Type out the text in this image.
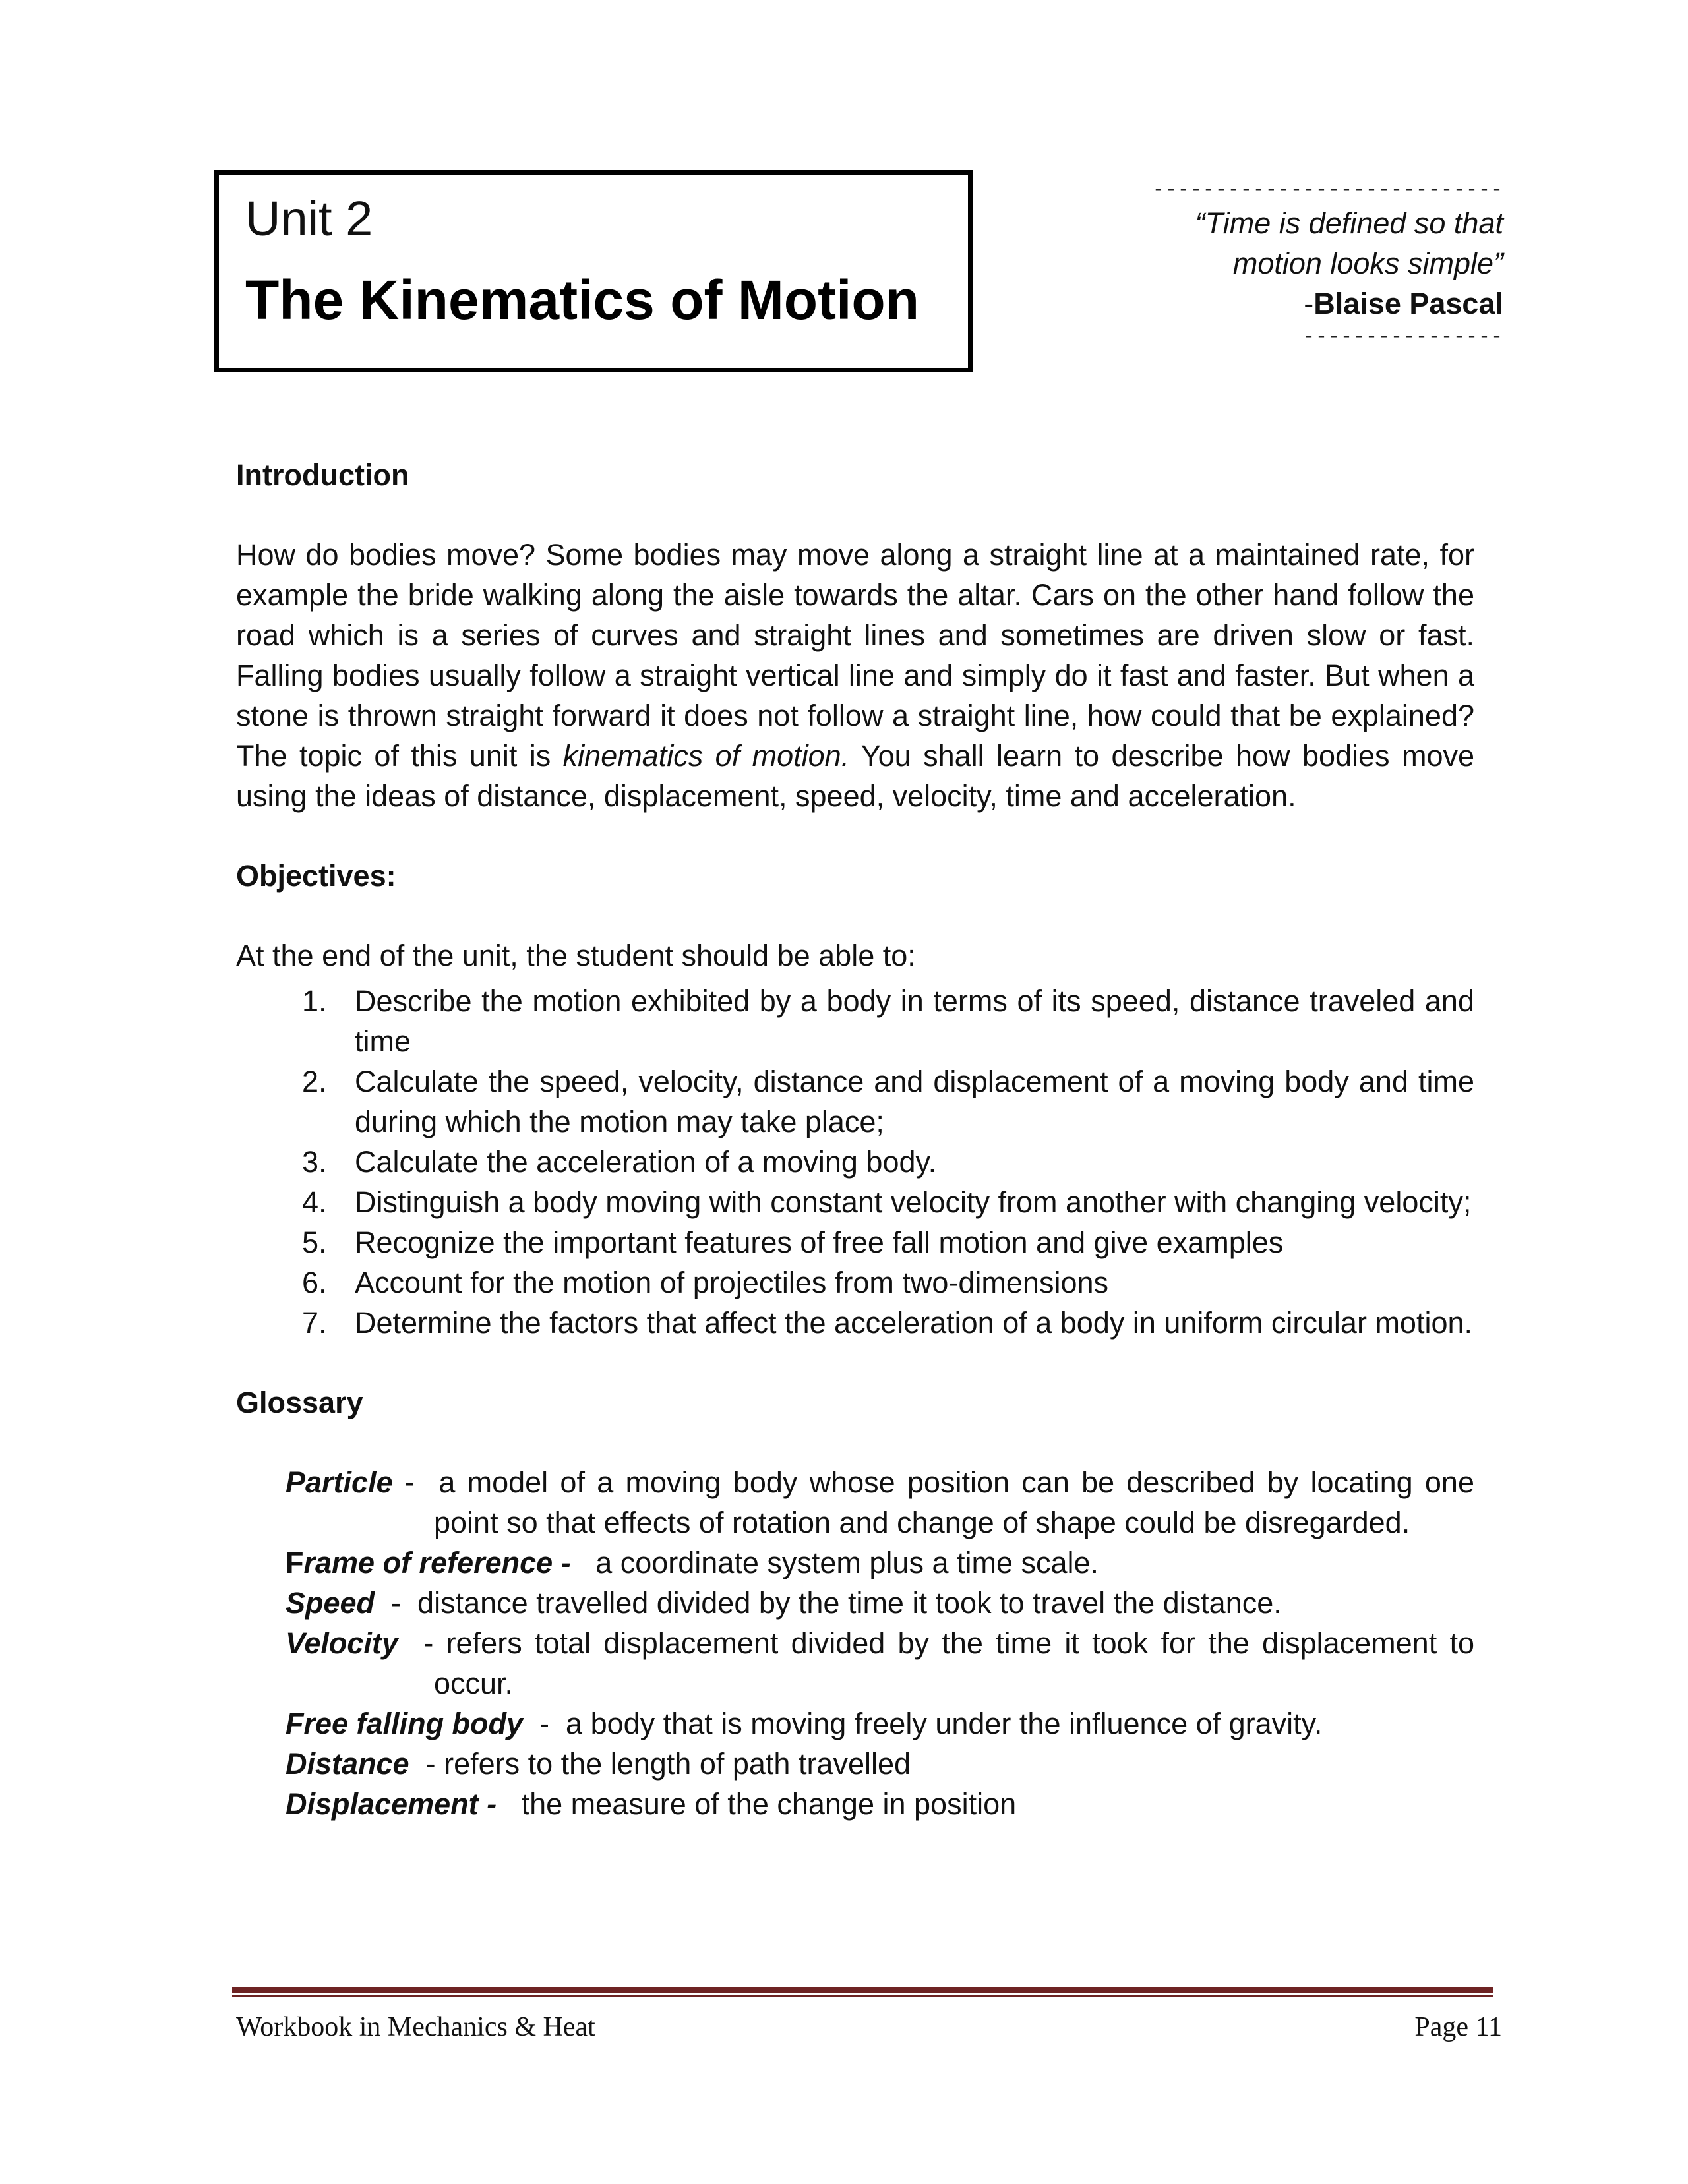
Unit 2
The Kinematics of Motion
----------------------------
“Time is defined so that
motion looks simple”
-Blaise Pascal
----------------
Introduction

How do bodies move? Some bodies may move along a straight line at a maintained rate, for example the bride walking along the aisle towards the altar. Cars on the other hand follow the road which is a series of curves and straight lines and sometimes are driven slow or fast. Falling bodies usually follow a straight vertical line and simply do it fast and faster. But when a stone is thrown straight forward it does not follow a straight line, how could that be explained? The topic of this unit is kinematics of motion. You shall learn to describe how bodies move using the ideas of distance, displacement, speed, velocity, time and acceleration.

Objectives:
At the end of the unit, the student should be able to:
1. Describe the motion exhibited by a body in terms of its speed, distance traveled and time
2. Calculate the speed, velocity, distance and displacement of a moving body and time during which the motion may take place;
3. Calculate the acceleration of a moving body.
4. Distinguish a body moving with constant velocity from another with changing velocity;
5. Recognize the important features of free fall motion and give examples
6. Account for the motion of projectiles from two-dimensions
7. Determine the factors that affect the acceleration of a body in uniform circular motion.
Glossary
Particle -  a model of a moving body whose position can be described by locating one point so that effects of rotation and change of shape could be disregarded.
Frame of reference - a coordinate system plus a time scale.
Speed  -  distance travelled divided by the time it took to travel the distance.
Velocity  - refers total displacement divided by the time it took for the displacement to occur.
Free falling body  -  a body that is moving freely under the influence of gravity.
Distance  - refers to the length of path travelled
Displacement - the measure of the change in position
Workbook in Mechanics & Heat	Page 11
